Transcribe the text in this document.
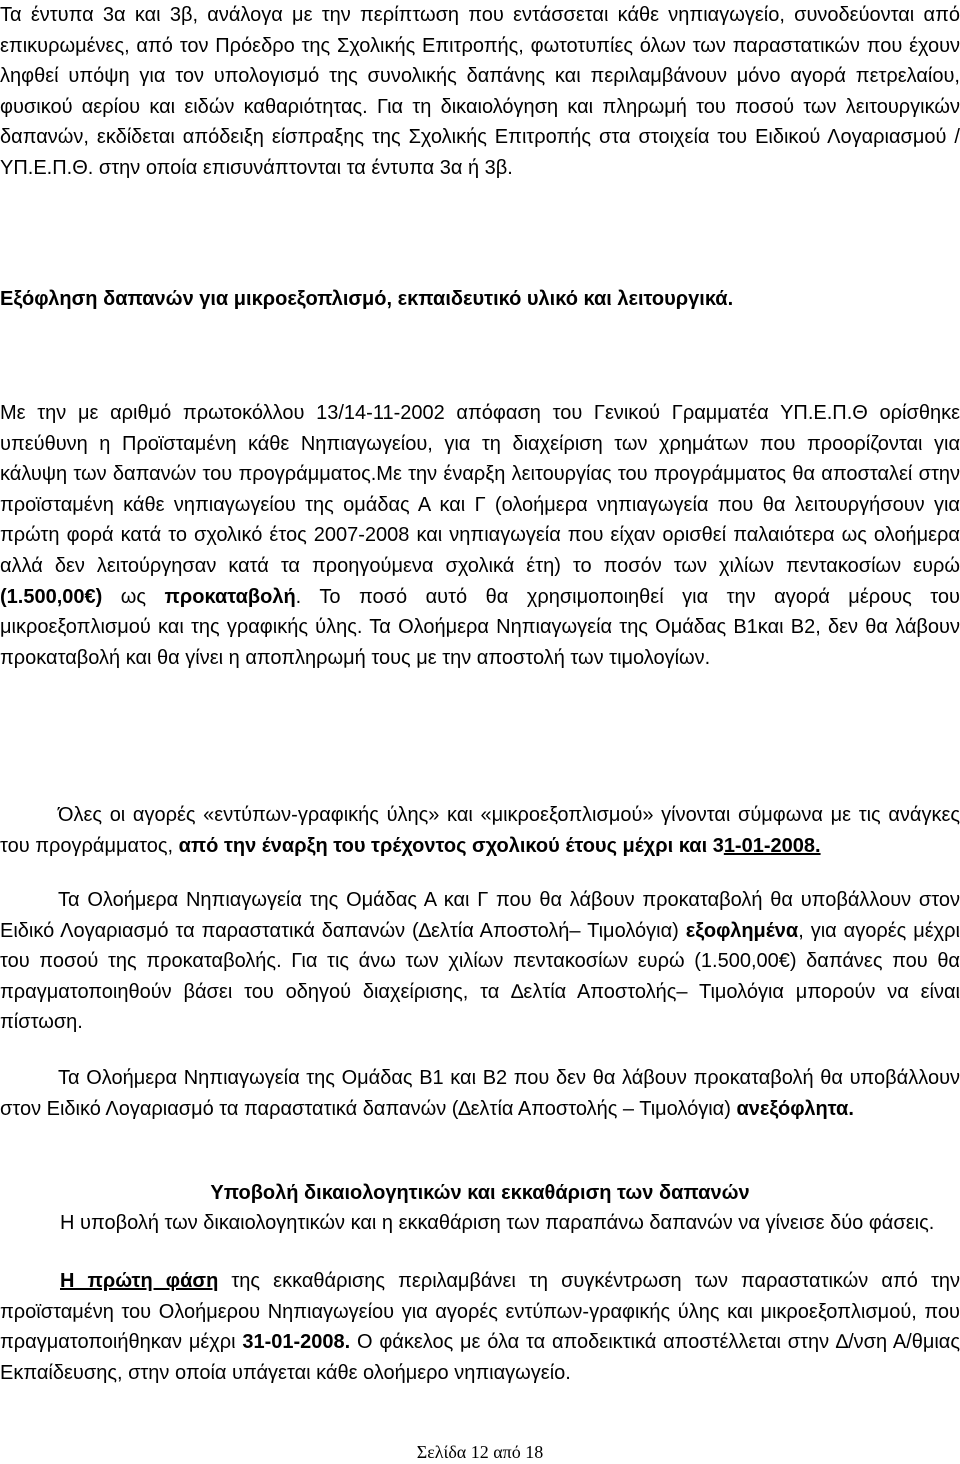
Τα έντυπα 3α και 3β, ανάλογα με την περίπτωση που εντάσσεται κάθε νηπιαγωγείο, συνοδεύονται από επικυρωμένες, από τον Πρόεδρο της Σχολικής Επιτροπής, φωτοτυπίες όλων των παραστατικών που έχουν ληφθεί υπόψη για τον υπολογισμό της συνολικής δαπάνης και περιλαμβάνουν μόνο αγορά πετρελαίου, φυσικού αερίου και ειδών καθαριότητας. Για τη δικαιολόγηση και πληρωμή του ποσού των λειτουργικών δαπανών, εκδίδεται απόδειξη είσπραξης της Σχολικής Επιτροπής στα στοιχεία του Ειδικού Λογαριασμού / ΥΠ.Ε.Π.Θ. στην οποία επισυνάπτονται τα έντυπα 3α ή 3β.

Εξόφληση δαπανών για μικροεξοπλισμό, εκπαιδευτικό υλικό και λειτουργικά.

Με την με αριθμό πρωτοκόλλου 13/14-11-2002 απόφαση του Γενικού Γραμματέα ΥΠ.Ε.Π.Θ ορίσθηκε υπεύθυνη η Προϊσταμένη κάθε Νηπιαγωγείου, για τη διαχείριση των χρημάτων που προορίζονται για κάλυψη των δαπανών του προγράμματος.Με την έναρξη λειτουργίας του προγράμματος θα αποσταλεί στην προϊσταμένη κάθε νηπιαγωγείου της ομάδας Α και Γ (ολοήμερα νηπιαγωγεία που θα λειτουργήσουν για πρώτη φορά κατά το σχολικό έτος 2007-2008 και νηπιαγωγεία που είχαν ορισθεί παλαιότερα ως ολοήμερα αλλά δεν λειτούργησαν κατά τα προηγούμενα σχολικά έτη) το ποσόν των χιλίων πεντακοσίων ευρώ (1.500,00€) ως προκαταβολή. Το ποσό αυτό θα χρησιμοποιηθεί για την αγορά μέρους του μικροεξοπλισμού και της γραφικής ύλης. Τα Ολοήμερα Νηπιαγωγεία της Ομάδας Β1και Β2, δεν θα λάβουν προκαταβολή και θα γίνει η αποπληρωμή τους με την αποστολή των τιμολογίων.

Όλες οι αγορές «εντύπων-γραφικής ύλης» και «μικροεξοπλισμού» γίνονται σύμφωνα με τις ανάγκες του προγράμματος, από την έναρξη του τρέχοντος σχολικού έτους μέχρι και 31-01-2008.

Τα Ολοήμερα Νηπιαγωγεία της Ομάδας Α και Γ που θα λάβουν προκαταβολή θα υποβάλλουν στον Ειδικό Λογαριασμό τα παραστατικά δαπανών (∆ελτία Αποστολή– Τιμολόγια) εξοφλημένα, για αγορές μέχρι του ποσού της προκαταβολής. Για τις άνω των χιλίων πεντακοσίων ευρώ (1.500,00€) δαπάνες που θα πραγματοποιηθούν βάσει του οδηγού διαχείρισης, τα ∆ελτία Αποστολής– Τιμολόγια μπορούν να είναι πίστωση.

Τα Ολοήμερα Νηπιαγωγεία της Ομάδας Β1 και Β2 που δεν θα λάβουν προκαταβολή θα υποβάλλουν στον Ειδικό Λογαριασμό τα παραστατικά δαπανών (∆ελτία Αποστολής – Τιμολόγια) ανεξόφλητα.

Υποβολή δικαιολογητικών και εκκαθάριση των δαπανών

Η υποβολή των δικαιολογητικών και η εκκαθάριση των παραπάνω δαπανών να γίνεισε δύο φάσεις.

Η πρώτη φάση της εκκαθάρισης περιλαμβάνει τη συγκέντρωση των παραστατικών από την προϊσταμένη του Ολοήμερου Νηπιαγωγείου για αγορές εντύπων-γραφικής ύλης και μικροεξοπλισμού, που πραγματοποιήθηκαν μέχρι 31-01-2008. Ο φάκελος με όλα τα αποδεικτικά αποστέλλεται στην ∆/νση Α/θμιας Εκπαίδευσης, στην οποία υπάγεται κάθε ολοήμερο νηπιαγωγείο.

Σελίδα 12 από 18
